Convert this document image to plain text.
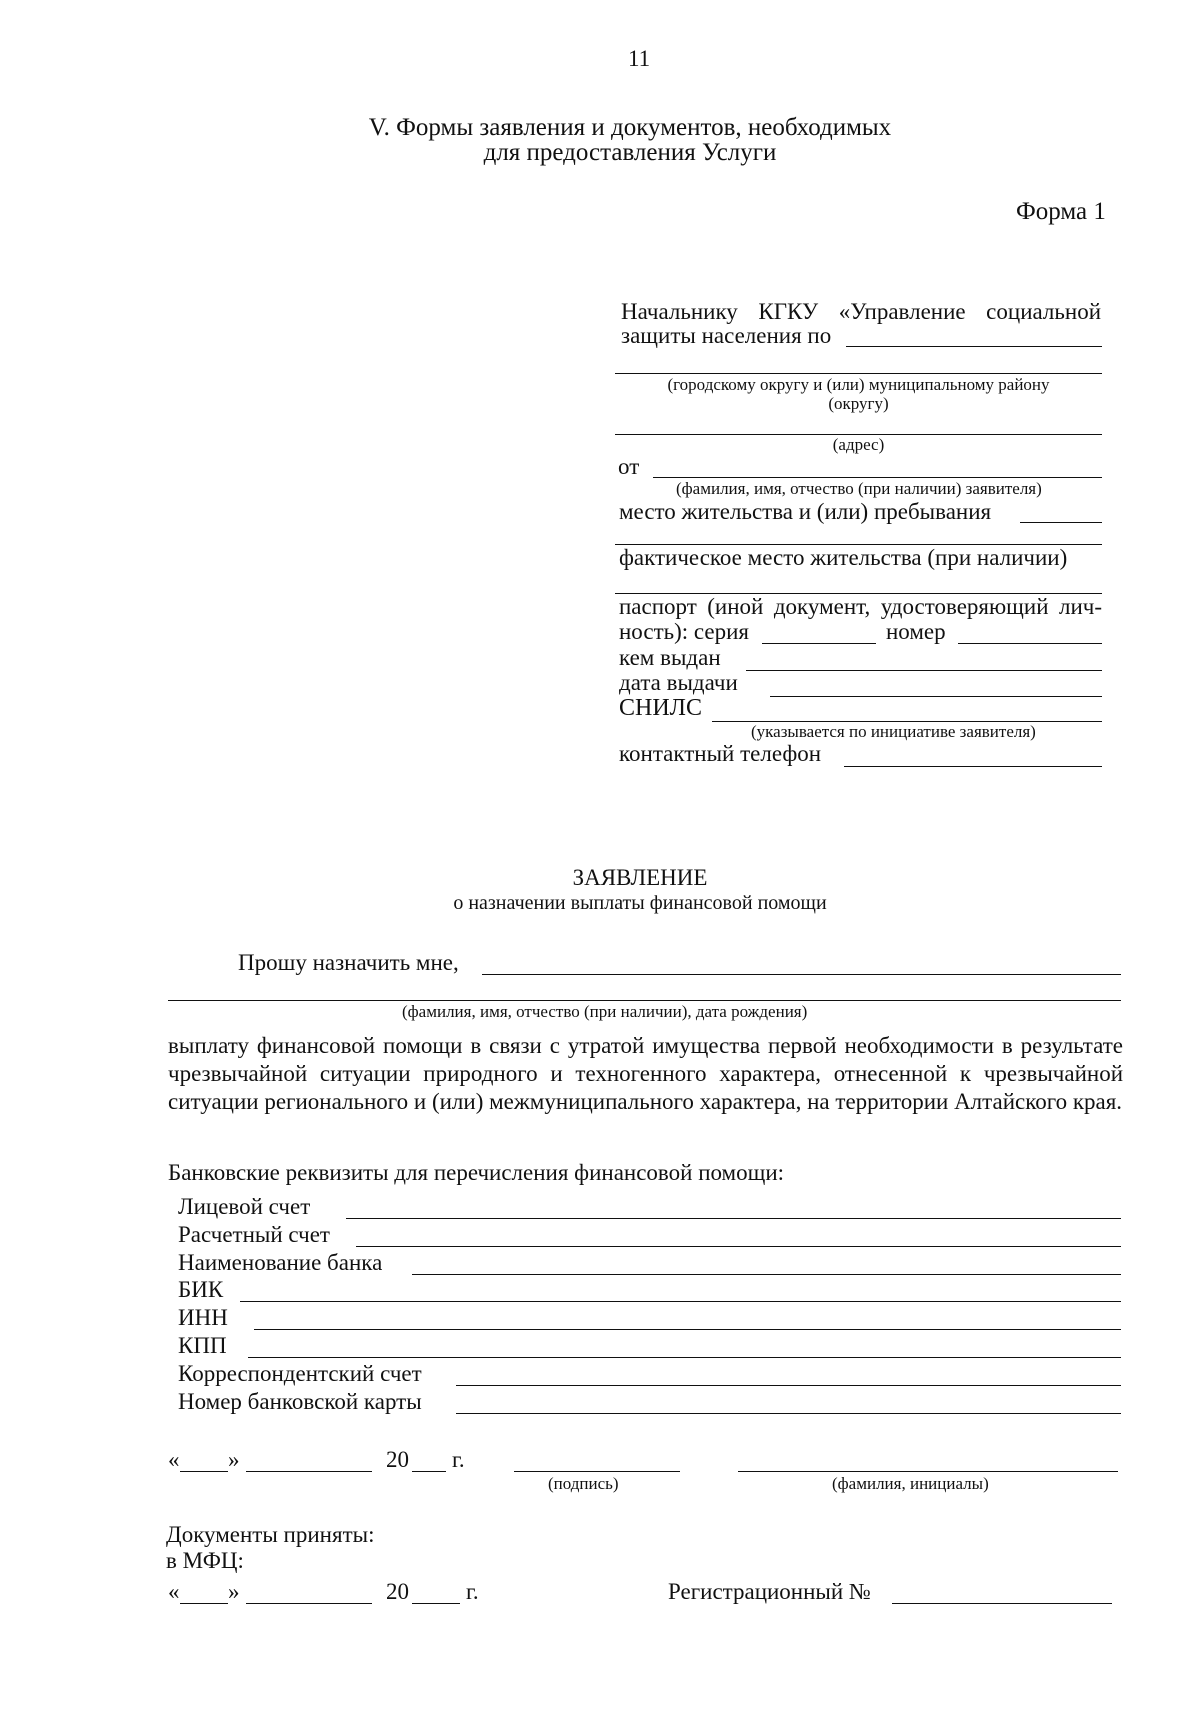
11
V. Формы заявления и документов, необходимых
для предоставления Услуги
Форма 1
Начальнику КГКУ «Управление социальной
защиты населения по
(городскому округу и (или) муниципальному району
(округу)
(адрес)
от
(фамилия, имя, отчество (при наличии) заявителя)
место жительства и (или) пребывания
фактическое место жительства (при наличии)
паспорт (иной документ, удостоверяющий лич-
ность): серия	номер
кем выдан
дата выдачи
СНИЛС
(указывается по инициативе заявителя)
контактный телефон
ЗАЯВЛЕНИЕ
о назначении выплаты финансовой помощи
Прошу назначить мне,
(фамилия, имя, отчество (при наличии), дата рождения)
выплату финансовой помощи в связи с утратой имущества первой необходимости в результате чрезвычайной ситуации природного и техногенного характера, отнесенной к чрезвычайной ситуации регионального и (или) межмуниципального характера, на территории Алтайского края.
Банковские реквизиты для перечисления финансовой помощи:
Лицевой счет
Расчетный счет
Наименование банка
БИК
ИНН
КПП
Корреспондентский счет
Номер банковской карты
« »	20 г.
(подпись)	(фамилия, инициалы)
Документы приняты:
в МФЦ:
« »	20 г.	Регистрационный №
